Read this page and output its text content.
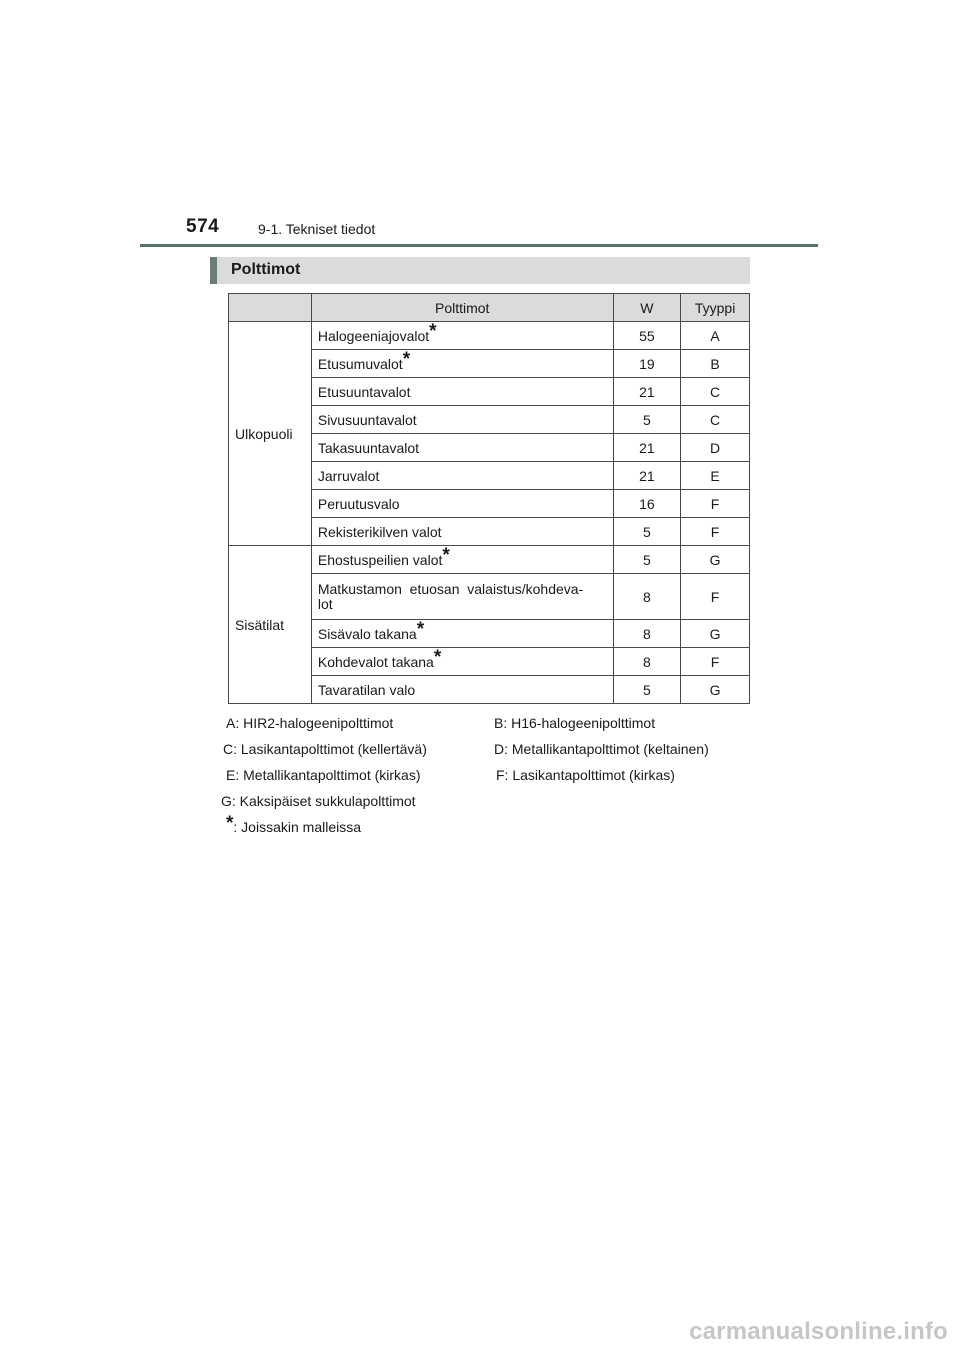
574	9-1. Tekniset tiedot
Polttimot
	Polttimot	W	Tyyppi
Ulkopuoli	Halogeeniajovalot*	55	A
	Etusumuvalot*	19	B
	Etusuuntavalot	21	C
	Sivusuuntavalot	5	C
	Takasuuntavalot	21	D
	Jarruvalot	21	E
	Peruutusvalo	16	F
	Rekisterikilven valot	5	F
Sisätilat	Ehostuspeilien valot*	5	G
	Matkustamon  etuosan  valaistus/kohdeva-
lot	8	F
	Sisävalo takana*	8	G
	Kohdevalot takana*	8	F
	Tavaratilan valo	5	G
A: HIR2-halogeenipolttimot	B: H16-halogeenipolttimot
C: Lasikantapolttimot (kellertävä)	D: Metallikantapolttimot (keltainen)
E: Metallikantapolttimot (kirkas)	F: Lasikantapolttimot (kirkas)
G: Kaksipäiset sukkulapolttimot
*: Joissakin malleissa
carmanualsonline.info
